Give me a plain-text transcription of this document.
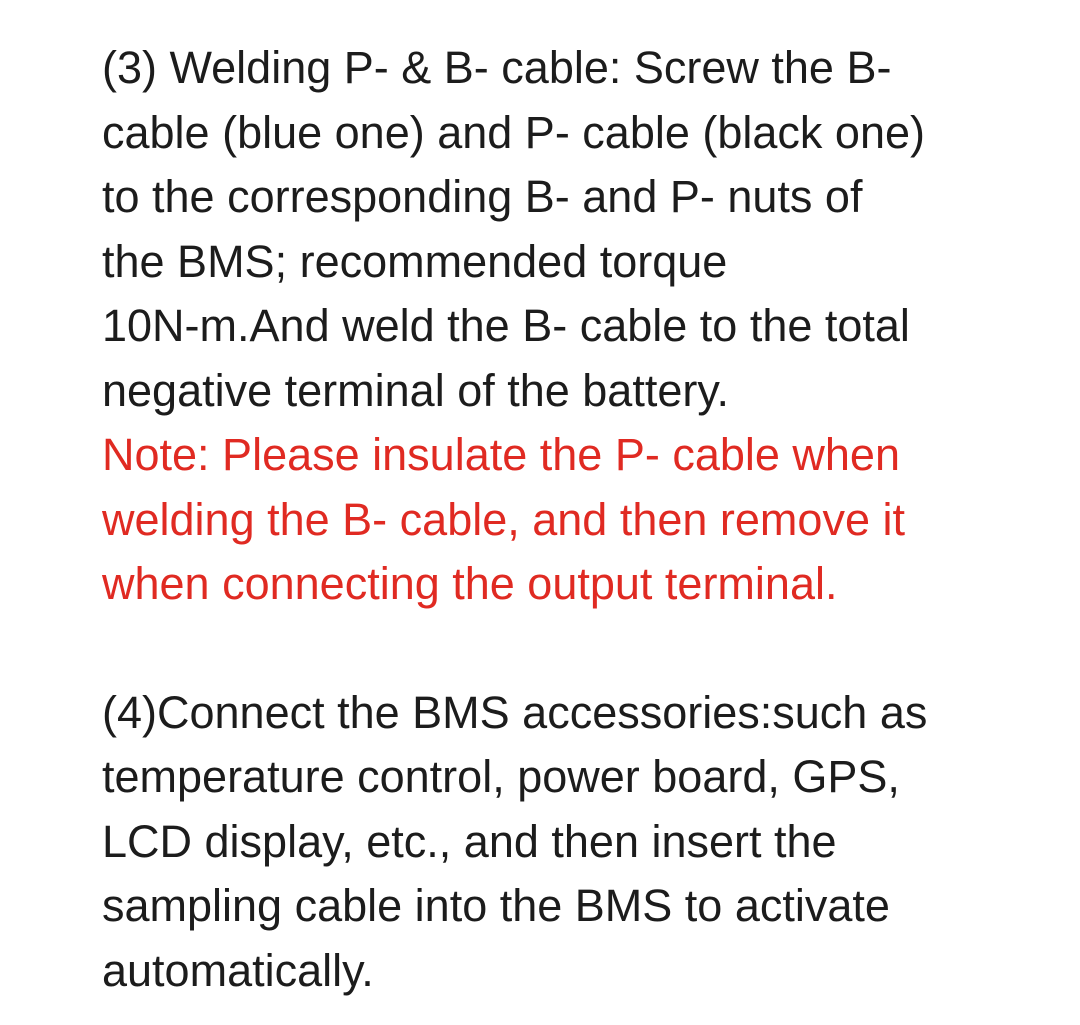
(3) Welding P- & B- cable: Screw the B-
cable (blue one) and P- cable (black one)
to the corresponding B- and P- nuts of
the BMS; recommended torque
10N-m.And weld the B- cable to the total
negative terminal of the battery.
Note: Please insulate the P- cable when
welding the B- cable, and then remove it
when connecting the output terminal.
(4)Connect the BMS accessories:such as
temperature control, power board, GPS,
LCD display, etc., and then insert the
sampling cable into the BMS to activate
automatically.
